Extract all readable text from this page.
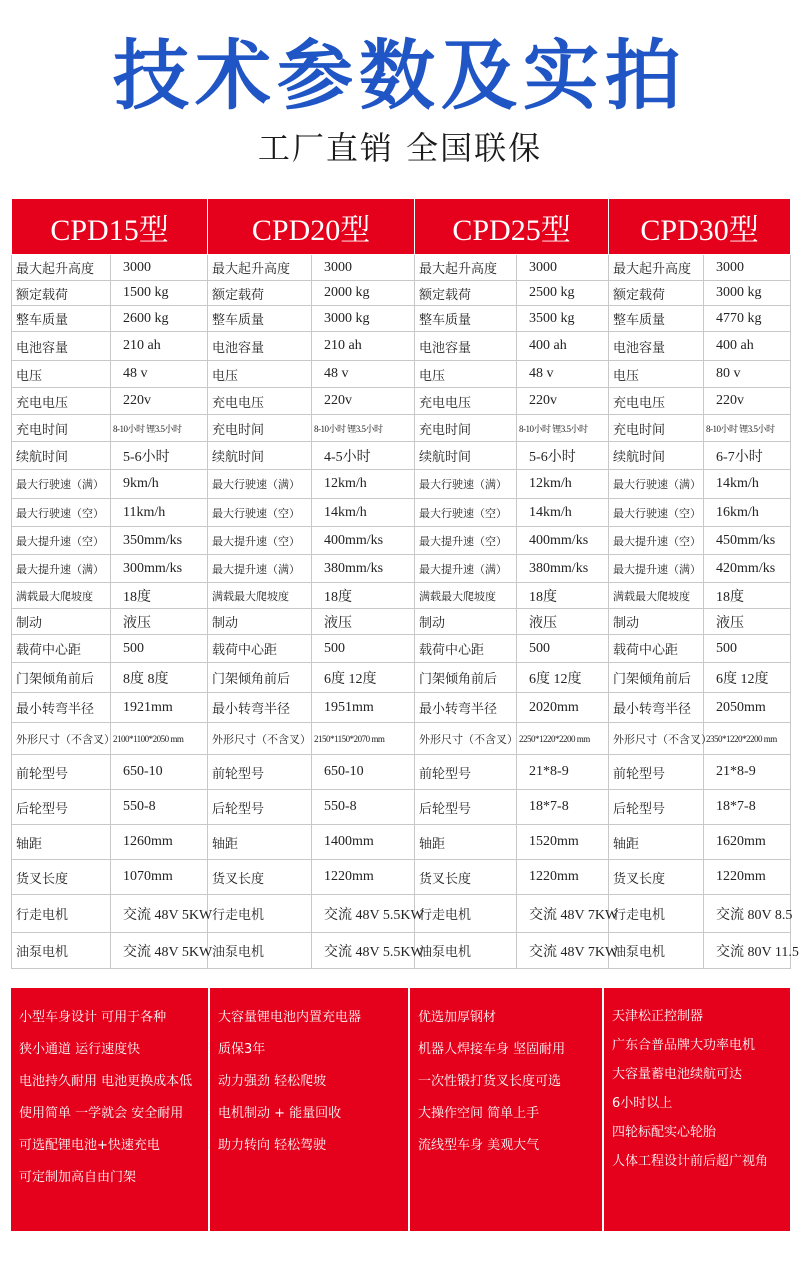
技术参数及实拍
工厂直销 全国联保
CPD15型		CPD20型		CPD25型		CPD30型	
最大起升高度	3000	最大起升高度	3000	最大起升高度	3000	最大起升高度	3000
额定载荷	1500 kg	额定载荷	2000 kg	额定载荷	2500 kg	额定载荷	3000 kg
整车质量	2600 kg	整车质量	3000 kg	整车质量	3500 kg	整车质量	4770 kg
电池容量	210 ah	电池容量	210 ah	电池容量	400 ah	电池容量	400 ah
电压	48 v	电压	48 v	电压	48 v	电压	80 v
充电电压	220v	充电电压	220v	充电电压	220v	充电电压	220v
充电时间	8-10小时 锂3.5小时	充电时间	8-10小时 锂3.5小时	充电时间	8-10小时 锂3.5小时	充电时间	8-10小时 锂3.5小时
续航时间	5-6小时	续航时间	4-5小时	续航时间	5-6小时	续航时间	6-7小时
最大行驶速（满）	9km/h	最大行驶速（满）	12km/h	最大行驶速（满）	12km/h	最大行驶速（满）	14km/h
最大行驶速（空）	11km/h	最大行驶速（空）	14km/h	最大行驶速（空）	14km/h	最大行驶速（空）	16km/h
最大提升速（空）	350mm/ks	最大提升速（空）	400mm/ks	最大提升速（空）	400mm/ks	最大提升速（空）	450mm/ks
最大提升速（满）	300mm/ks	最大提升速（满）	380mm/ks	最大提升速（满）	380mm/ks	最大提升速（满）	420mm/ks
满载最大爬坡度	18度	满载最大爬坡度	18度	满载最大爬坡度	18度	满载最大爬坡度	18度
制动	液压	制动	液压	制动	液压	制动	液压
载荷中心距	500	载荷中心距	500	载荷中心距	500	载荷中心距	500
门架倾角前后	8度 8度	门架倾角前后	6度 12度	门架倾角前后	6度 12度	门架倾角前后	6度 12度
最小转弯半径	1921mm	最小转弯半径	1951mm	最小转弯半径	2020mm	最小转弯半径	2050mm
外形尺寸（不含叉）	2100*1100*2050 mm	外形尺寸（不含叉）	2150*1150*2070 mm	外形尺寸（不含叉）	2250*1220*2200 mm	外形尺寸（不含叉）	2350*1220*2200 mm
前轮型号	650-10	前轮型号	650-10	前轮型号	21*8-9	前轮型号	21*8-9
后轮型号	550-8	后轮型号	550-8	后轮型号	18*7-8	后轮型号	18*7-8
轴距	1260mm	轴距	1400mm	轴距	1520mm	轴距	1620mm
货叉长度	1070mm	货叉长度	1220mm	货叉长度	1220mm	货叉长度	1220mm
行走电机	交流 48V 5KW	行走电机	交流 48V 5.5KW	行走电机	交流 48V 7KW	行走电机	交流 80V 8.5
油泵电机	交流 48V 5KW	油泵电机	交流 48V 5.5KW	油泵电机	交流 48V 7KW	油泵电机	交流 80V 11.5
小型车身设计 可用于各种
狭小通道 运行速度快
电池持久耐用 电池更换成本低
使用简单 一学就会 安全耐用
可选配锂电池+快速充电
可定制加高自由门架
大容量锂电池内置充电器
质保3年
动力强劲 轻松爬坡
电机制动 + 能量回收
助力转向 轻松驾驶
优选加厚钢材
机器人焊接车身 坚固耐用
一次性锻打货叉长度可选
大操作空间 简单上手
流线型车身 美观大气
天津松正控制器
广东合普品牌大功率电机
大容量蓄电池续航可达
6小时以上
四轮标配实心轮胎
人体工程设计前后超广视角
